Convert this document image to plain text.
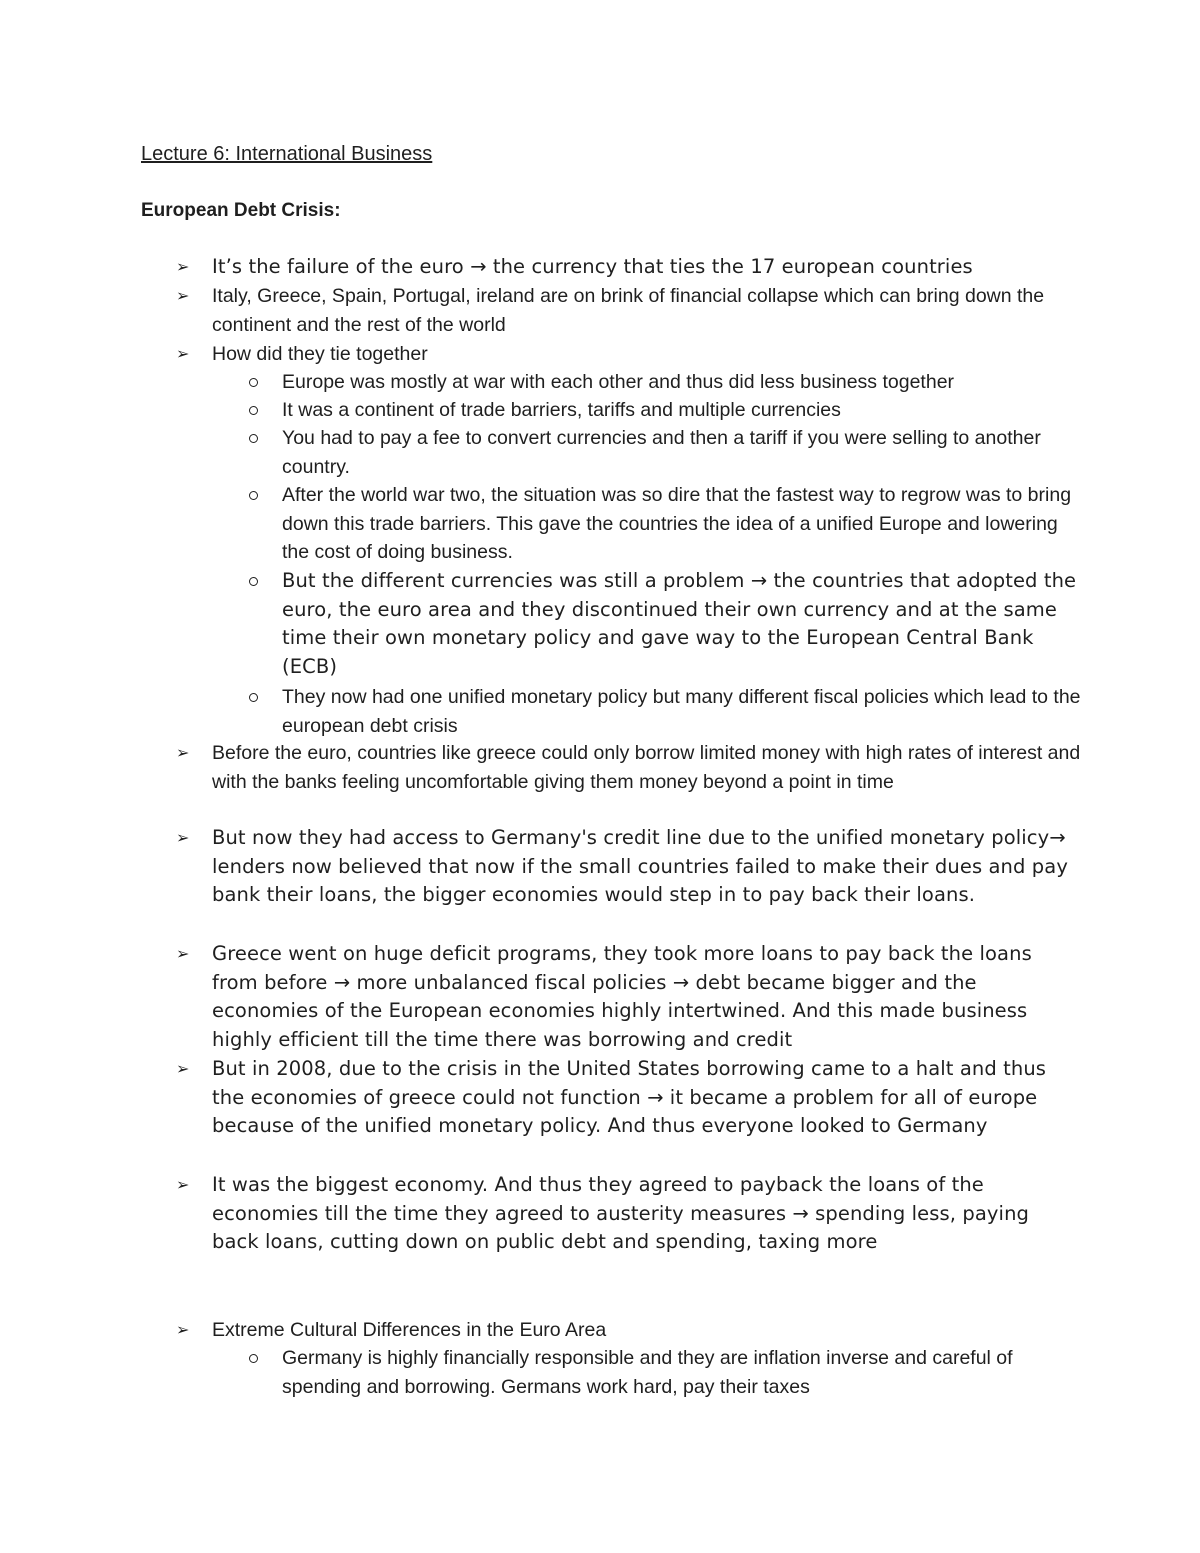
Lecture 6: International Business
European Debt Crisis:
➢ It’s the failure of the euro → the currency that ties the 17 european countries
➢ Italy, Greece, Spain, Portugal, ireland are on brink of financial collapse which can bring down the continent and the rest of the world
➢ How did they tie together
Europe was mostly at war with each other and thus did less business together
It was a continent of trade barriers, tariffs and multiple currencies
You had to pay a fee to convert currencies and then a tariff if you were selling to another country.
After the world war two, the situation was so dire that the fastest way to regrow was to bring down this trade barriers. This gave the countries the idea of a unified Europe and lowering the cost of doing business.
But the different currencies was still a problem → the countries that adopted the euro, the euro area and they discontinued their own currency and at the same time their own monetary policy and gave way to the European Central Bank (ECB)
They now had one unified monetary policy but many different fiscal policies which lead to the european debt crisis
➢ Before the euro, countries like greece could only borrow limited money with high rates of interest and with the banks feeling uncomfortable giving them money beyond a point in time
➢ But now they had access to Germany's credit line due to the unified monetary policy→ lenders now believed that now if the small countries failed to make their dues and pay bank their loans, the bigger economies would step in to pay back their loans.
➢ Greece went on huge deficit programs, they took more loans to pay back the loans from before → more unbalanced fiscal policies → debt became bigger and the economies of the European economies highly intertwined. And this made business highly efficient till the time there was borrowing and credit
➢ But in 2008, due to the crisis in the United States borrowing came to a halt and thus the economies of greece could not function → it became a problem for all of europe because of the unified monetary policy. And thus everyone looked to Germany
➢ It was the biggest economy. And thus they agreed to payback the loans of the economies till the time they agreed to austerity measures → spending less, paying back loans, cutting down on public debt and spending, taxing more
➢ Extreme Cultural Differences in the Euro Area
Germany is highly financially responsible and they are inflation inverse and careful of spending and borrowing. Germans work hard, pay their taxes
